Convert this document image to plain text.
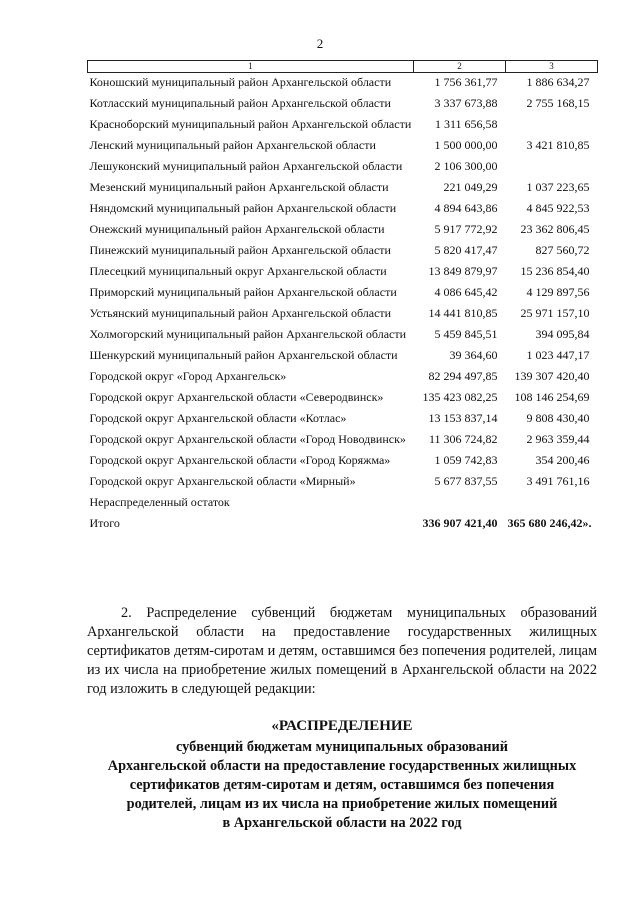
2
1	2	3
Коношский муниципальный район Архангельской области	1 756 361,77	1 886 634,27
Котласский муниципальный район Архангельской области	3 337 673,88	2 755 168,15
Красноборский муниципальный район Архангельской области	1 311 656,58	
Ленский муниципальный район Архангельской области	1 500 000,00	3 421 810,85
Лешуконский муниципальный район Архангельской области	2 106 300,00	
Мезенский муниципальный район Архангельской области	221 049,29	1 037 223,65
Няндомский муниципальный район Архангельской области	4 894 643,86	4 845 922,53
Онежский муниципальный район Архангельской области	5 917 772,92	23 362 806,45
Пинежский муниципальный район Архангельской области	5 820 417,47	827 560,72
Плесецкий муниципальный округ Архангельской области	13 849 879,97	15 236 854,40
Приморский муниципальный район Архангельской области	4 086 645,42	4 129 897,56
Устьянский муниципальный район Архангельской области	14 441 810,85	25 971 157,10
Холмогорский муниципальный район Архангельской области	5 459 845,51	394 095,84
Шенкурский муниципальный район Архангельской области	39 364,60	1 023 447,17
Городской округ «Город Архангельск»	82 294 497,85	139 307 420,40
Городской округ Архангельской области «Северодвинск»	135 423 082,25	108 146 254,69
Городской округ Архангельской области «Котлас»	13 153 837,14	9 808 430,40
Городской округ Архангельской области «Город Новодвинск»	11 306 724,82	2 963 359,44
Городской округ Архангельской области «Город Коряжма»	1 059 742,83	354 200,46
Городской округ Архангельской области «Мирный»	5 677 837,55	3 491 761,16
Нераспределенный остаток		
Итого	336 907 421,40	365 680 246,42».

2. Распределение субвенций бюджетам муниципальных образований Архангельской области на предоставление государственных жилищных сертификатов детям-сиротам и детям, оставшимся без попечения родителей, лицам из их числа на приобретение жилых помещений в Архангельской области на 2022 год изложить в следующей редакции:

«РАСПРЕДЕЛЕНИЕ
субвенций бюджетам муниципальных образований
Архангельской области на предоставление государственных жилищных
сертификатов детям-сиротам и детям, оставшимся без попечения
родителей, лицам из их числа на приобретение жилых помещений
в Архангельской области на 2022 год
